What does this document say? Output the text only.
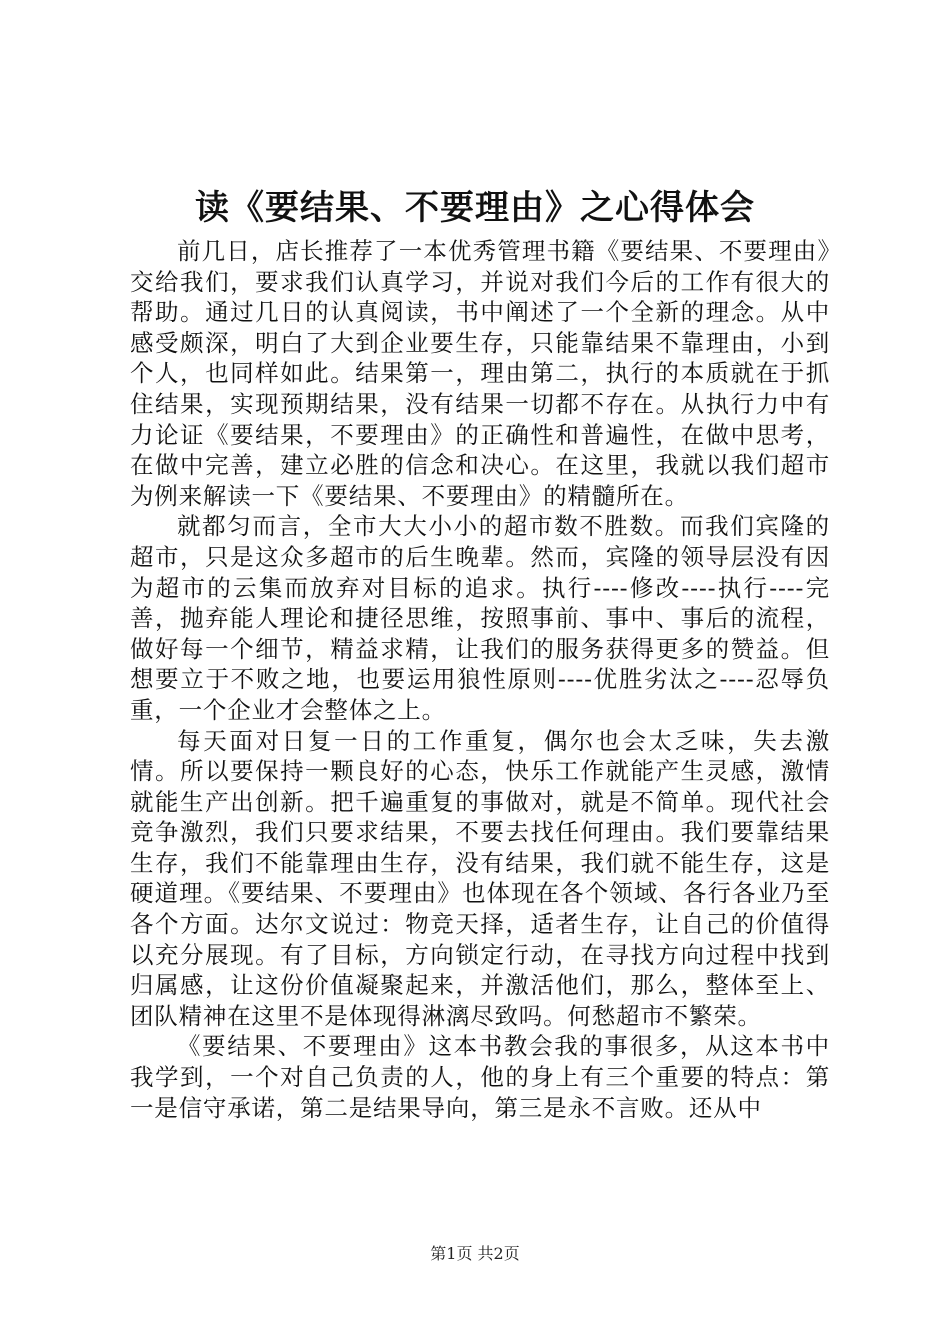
读《要结果、不要理由》之心得体会

前几日，店长推荐了一本优秀管理书籍《要结果、不要理由》交给我们，要求我们认真学习，并说对我们今后的工作有很大的帮助。通过几日的认真阅读，书中阐述了一个全新的理念。从中感受颇深，明白了大到企业要生存，只能靠结果不靠理由，小到个人，也同样如此。结果第一，理由第二，执行的本质就在于抓住结果，实现预期结果，没有结果一切都不存在。从执行力中有力论证《要结果，不要理由》的正确性和普遍性，在做中思考，在做中完善，建立必胜的信念和决心。在这里，我就以我们超市为例来解读一下《要结果、不要理由》的精髓所在。

就都匀而言，全市大大小小的超市数不胜数。而我们宾隆的超市，只是这众多超市的后生晚辈。然而，宾隆的领导层没有因为超市的云集而放弃对目标的追求。执行----修改----执行----完善，抛弃能人理论和捷径思维，按照事前、事中、事后的流程，做好每一个细节，精益求精，让我们的服务获得更多的赞益。但想要立于不败之地，也要运用狼性原则----优胜劣汰之----忍辱负重，一个企业才会整体之上。

每天面对日复一日的工作重复，偶尔也会太乏味，失去激情。所以要保持一颗良好的心态，快乐工作就能产生灵感，激情就能生产出创新。把千遍重复的事做对，就是不简单。现代社会竞争激烈，我们只要求结果，不要去找任何理由。我们要靠结果生存，我们不能靠理由生存，没有结果，我们就不能生存，这是硬道理。《要结果、不要理由》也体现在各个领域、各行各业乃至各个方面。达尔文说过：物竞天择，适者生存，让自己的价值得以充分展现。有了目标，方向锁定行动，在寻找方向过程中找到归属感，让这份价值凝聚起来，并激活他们，那么，整体至上、团队精神在这里不是体现得淋漓尽致吗。何愁超市不繁荣。

《要结果、不要理由》这本书教会我的事很多，从这本书中我学到，一个对自己负责的人，他的身上有三个重要的特点：第一是信守承诺，第二是结果导向，第三是永不言败。还从中

第1页 共2页
